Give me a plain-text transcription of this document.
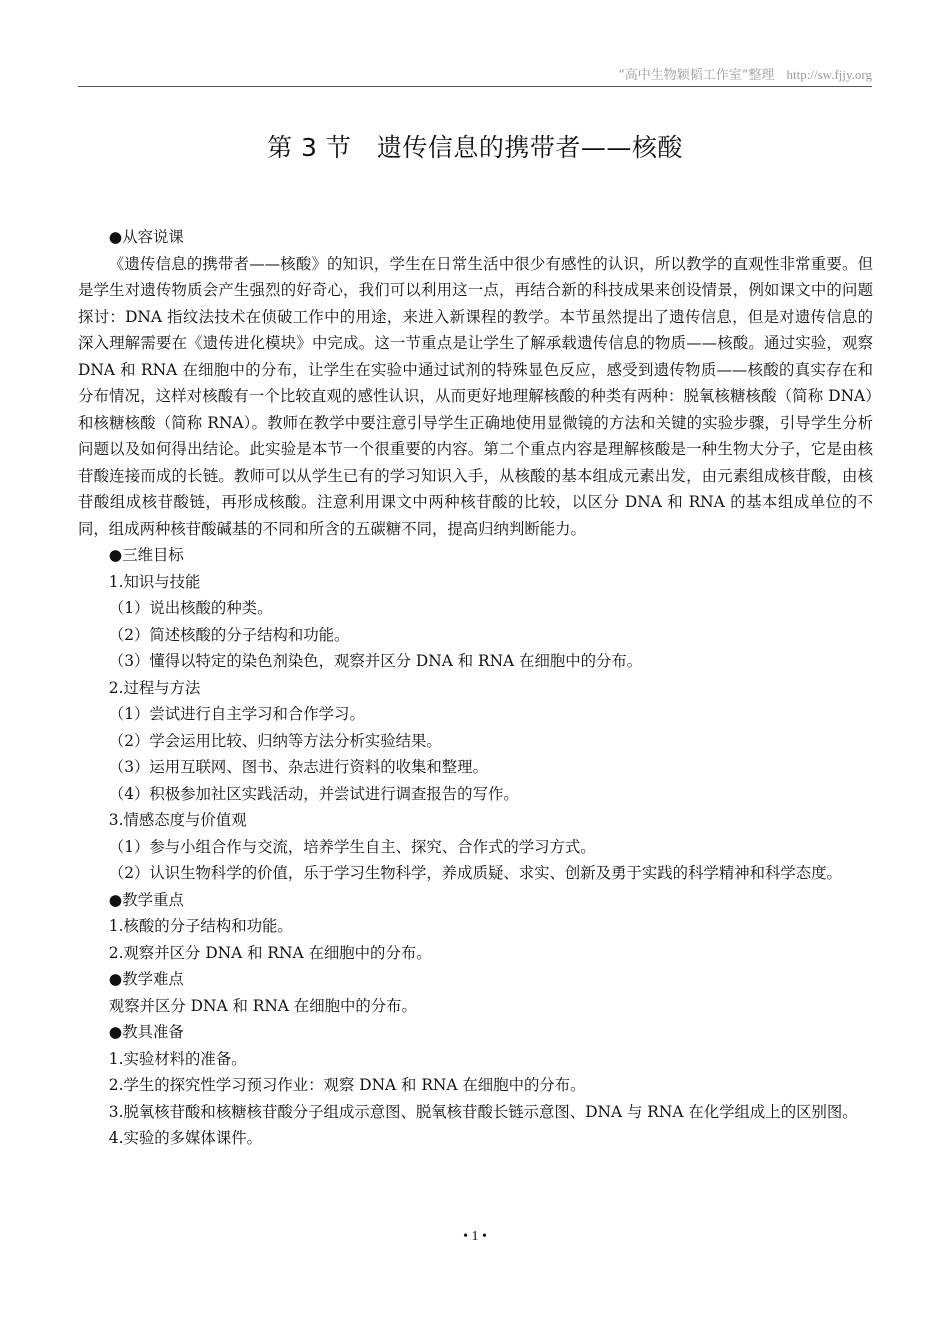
“高中生物颖韬工作室”整理 http://sw.fjjy.org
第 3 节　遗传信息的携带者——核酸

●从容说课

《遗传信息的携带者——核酸》的知识，学生在日常生活中很少有感性的认识，所以教学的直观性非常重要。但是学生对遗传物质会产生强烈的好奇心，我们可以利用这一点，再结合新的科技成果来创设情景，例如课文中的问题探讨：DNA 指纹法技术在侦破工作中的用途，来进入新课程的教学。本节虽然提出了遗传信息，但是对遗传信息的深入理解需要在《遗传进化模块》中完成。这一节重点是让学生了解承载遗传信息的物质——核酸。通过实验，观察 DNA 和 RNA 在细胞中的分布，让学生在实验中通过试剂的特殊显色反应，感受到遗传物质——核酸的真实存在和分布情况，这样对核酸有一个比较直观的感性认识，从而更好地理解核酸的种类有两种：脱氧核糖核酸（简称 DNA）和核糖核酸（简称 RNA）。教师在教学中要注意引导学生正确地使用显微镜的方法和关键的实验步骤，引导学生分析问题以及如何得出结论。此实验是本节一个很重要的内容。第二个重点内容是理解核酸是一种生物大分子，它是由核苷酸连接而成的长链。教师可以从学生已有的学习知识入手，从核酸的基本组成元素出发，由元素组成核苷酸，由核苷酸组成核苷酸链，再形成核酸。注意利用课文中两种核苷酸的比较，以区分 DNA 和 RNA 的基本组成单位的不同，组成两种核苷酸碱基的不同和所含的五碳糖不同，提高归纳判断能力。

●三维目标

1.知识与技能

（1）说出核酸的种类。

（2）简述核酸的分子结构和功能。

（3）懂得以特定的染色剂染色，观察并区分 DNA 和 RNA 在细胞中的分布。

2.过程与方法

（1）尝试进行自主学习和合作学习。

（2）学会运用比较、归纳等方法分析实验结果。

（3）运用互联网、图书、杂志进行资料的收集和整理。

（4）积极参加社区实践活动，并尝试进行调查报告的写作。

3.情感态度与价值观

（1）参与小组合作与交流，培养学生自主、探究、合作式的学习方式。

（2）认识生物科学的价值，乐于学习生物科学，养成质疑、求实、创新及勇于实践的科学精神和科学态度。

●教学重点

1.核酸的分子结构和功能。

2.观察并区分 DNA 和 RNA 在细胞中的分布。

●教学难点

观察并区分 DNA 和 RNA 在细胞中的分布。

●教具准备

1.实验材料的准备。

2.学生的探究性学习预习作业：观察 DNA 和 RNA 在细胞中的分布。

3.脱氧核苷酸和核糖核苷酸分子组成示意图、脱氧核苷酸长链示意图、DNA 与 RNA 在化学组成上的区别图。

4.实验的多媒体课件。

• 1 •
